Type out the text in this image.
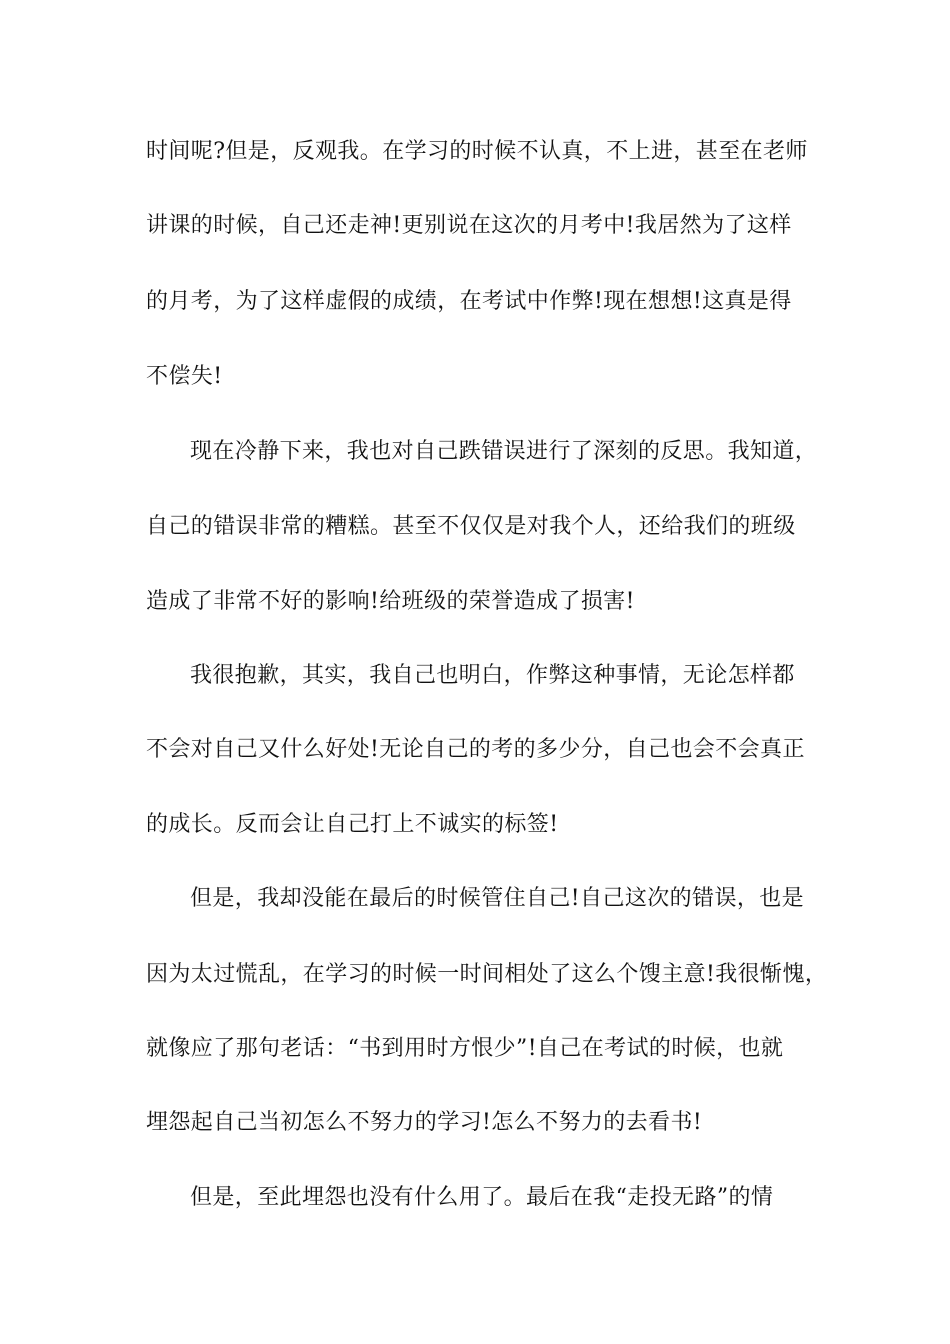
时间呢?但是，反观我。在学习的时候不认真，不上进，甚至在老师
讲课的时候，自己还走神!更别说在这次的月考中!我居然为了这样
的月考，为了这样虚假的成绩，在考试中作弊!现在想想!这真是得
不偿失!
现在冷静下来，我也对自己跌错误进行了深刻的反思。我知道，
自己的错误非常的糟糕。甚至不仅仅是对我个人，还给我们的班级
造成了非常不好的影响!给班级的荣誉造成了损害!
我很抱歉，其实，我自己也明白，作弊这种事情，无论怎样都
不会对自己又什么好处!无论自己的考的多少分，自己也会不会真正
的成长。反而会让自己打上不诚实的标签!
但是，我却没能在最后的时候管住自己!自己这次的错误，也是
因为太过慌乱，在学习的时候一时间相处了这么个馊主意!我很惭愧，
就像应了那句老话：“书到用时方恨少”!自己在考试的时候，也就
埋怨起自己当初怎么不努力的学习!怎么不努力的去看书!
但是，至此埋怨也没有什么用了。最后在我“走投无路”的情
